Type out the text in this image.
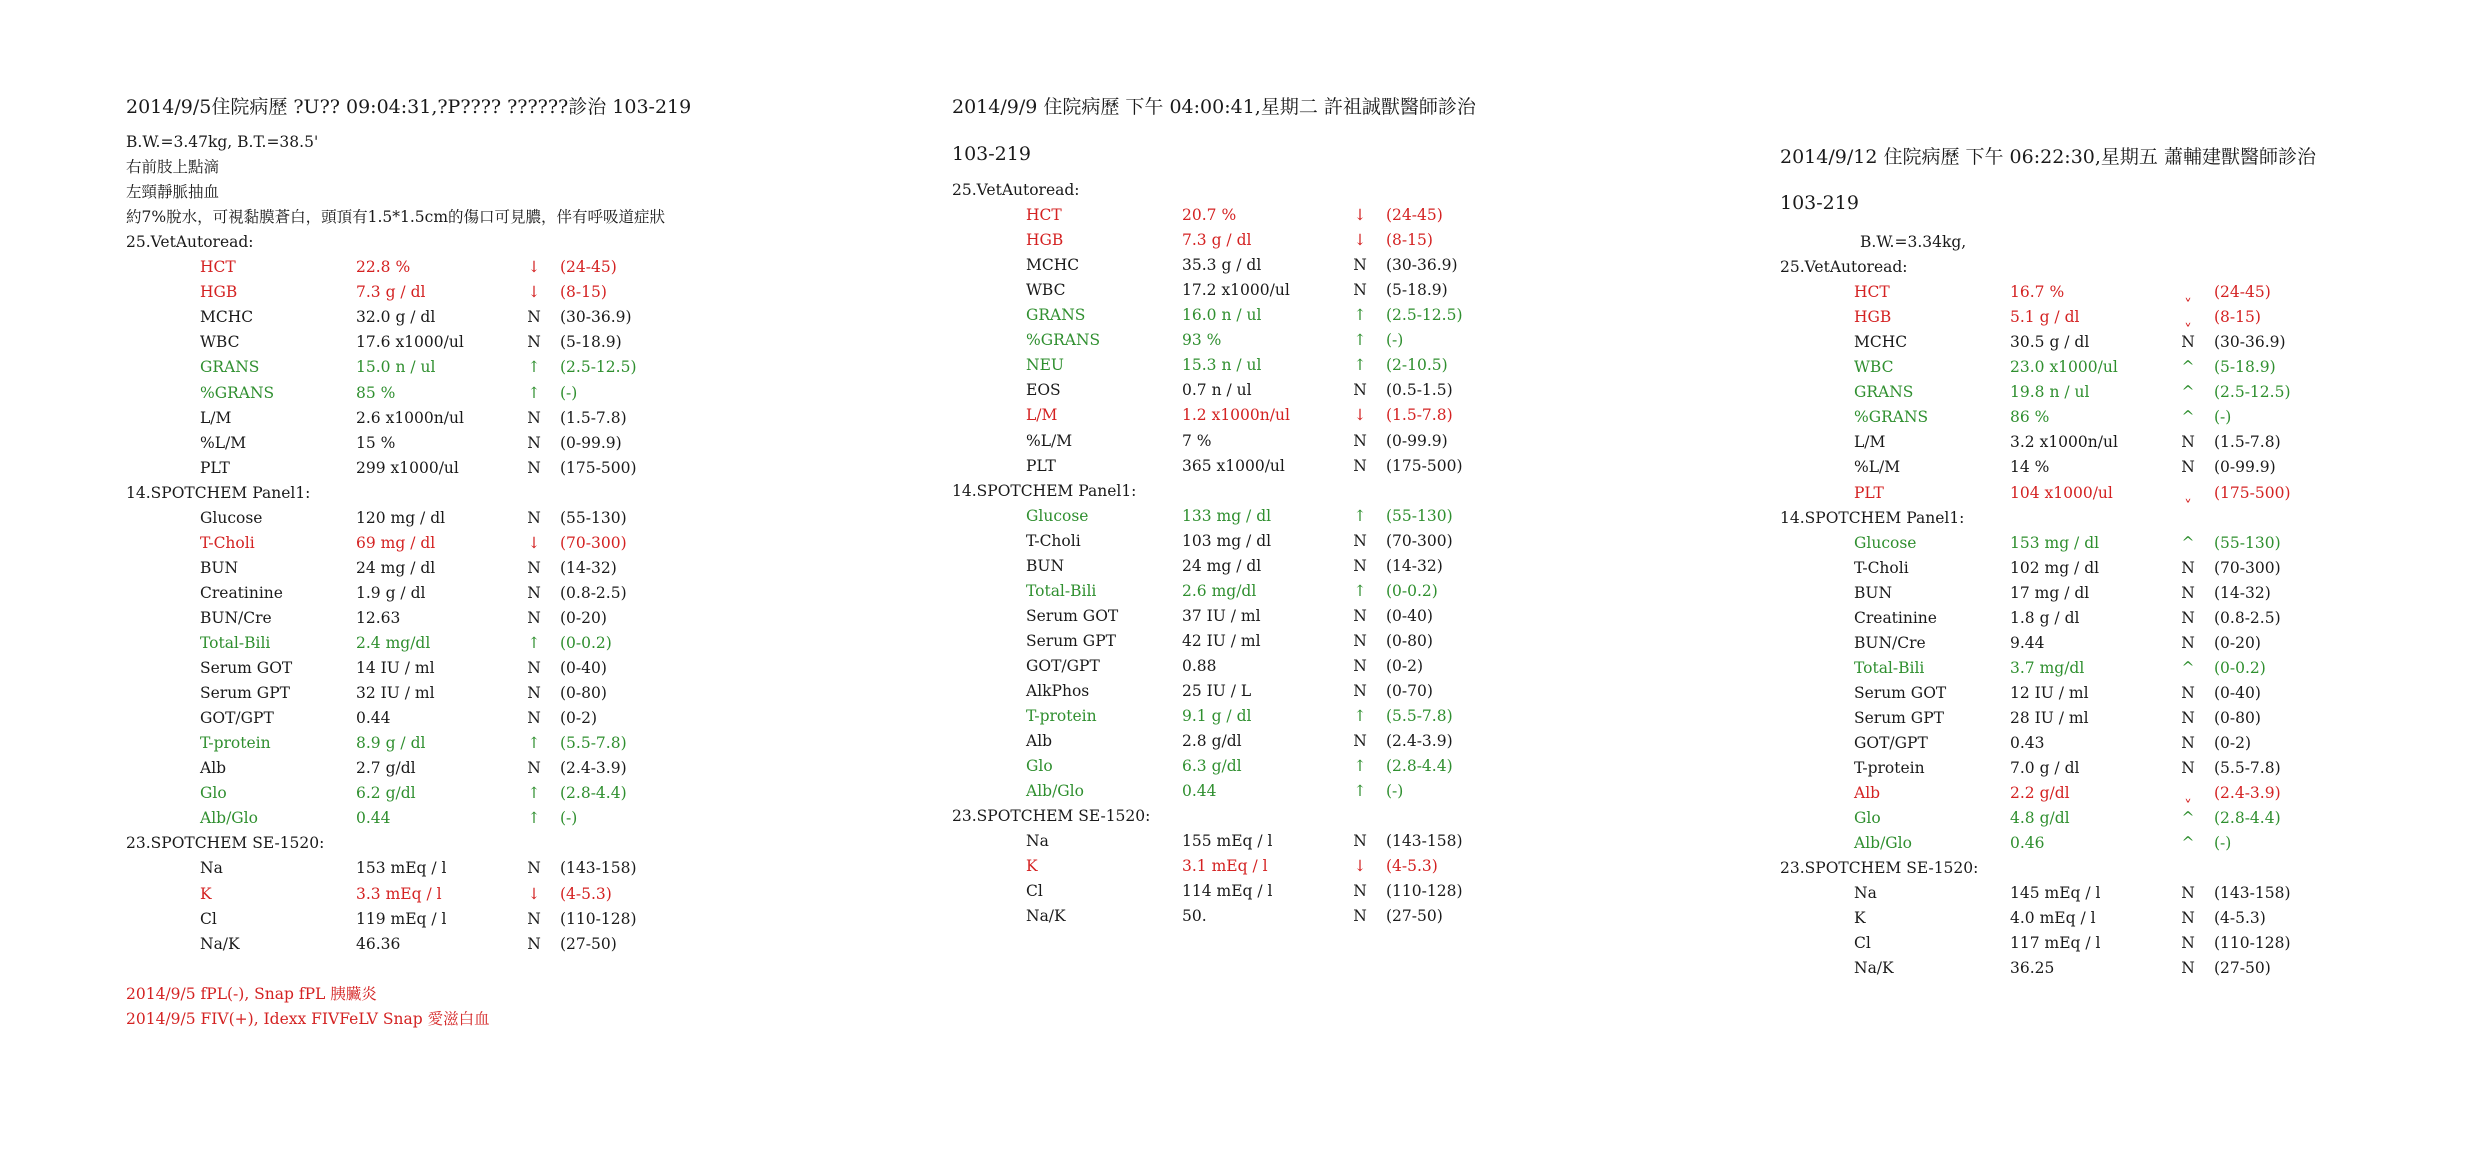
2014/9/5住院病歷 ?U?? 09:04:31,?P???? ??????診治 103-219
B.W.=3.47kg, B.T.=38.5'
右前肢上點滴
左頸靜脈抽血
約7%脫水，可視黏膜蒼白，頭頂有1.5*1.5cm的傷口可見膿，伴有呼吸道症狀
25.VetAutoread:
HCT	22.8 %	↓ (24-45)
HGB	7.3 g / dl	↓ (8-15)
MCHC	32.0 g / dl	N (30-36.9)
WBC	17.6 x1000/ul	N (5-18.9)
GRANS	15.0 n / ul	↑ (2.5-12.5)
%GRANS	85 %	↑ (-)
L/M	2.6 x1000n/ul	N (1.5-7.8)
%L/M	15 %	N (0-99.9)
PLT	299 x1000/ul	N (175-500)
14.SPOTCHEM Panel1:
Glucose	120 mg / dl	N (55-130)
T-Choli	69 mg / dl	↓ (70-300)
BUN	24 mg / dl	N (14-32)
Creatinine	1.9 g / dl	N (0.8-2.5)
BUN/Cre	12.63	N (0-20)
Total-Bili	2.4 mg/dl	↑ (0-0.2)
Serum GOT	14 IU / ml	N (0-40)
Serum GPT	32 IU / ml	N (0-80)
GOT/GPT	0.44	N (0-2)
T-protein	8.9 g / dl	↑ (5.5-7.8)
Alb	2.7 g/dl	N (2.4-3.9)
Glo	6.2 g/dl	↑ (2.8-4.4)
Alb/Glo	0.44	↑ (-)
23.SPOTCHEM SE-1520:
Na	153 mEq / l	N (143-158)
K	3.3 mEq / l	↓ (4-5.3)
Cl	119 mEq / l	N (110-128)
Na/K	46.36	N (27-50)
2014/9/5 fPL(-), Snap fPL 胰臟炎
2014/9/5 FIV(+), Idexx FIVFeLV Snap 愛滋白血
2014/9/9 住院病歷 下午 04:00:41,星期二 許祖誠獸醫師診治
103-219
25.VetAutoread:
HCT	20.7 %	↓ (24-45)
HGB	7.3 g / dl	↓ (8-15)
MCHC	35.3 g / dl	N (30-36.9)
WBC	17.2 x1000/ul	N (5-18.9)
GRANS	16.0 n / ul	↑ (2.5-12.5)
%GRANS	93 %	↑ (-)
NEU	15.3 n / ul	↑ (2-10.5)
EOS	0.7 n / ul	N (0.5-1.5)
L/M	1.2 x1000n/ul	↓ (1.5-7.8)
%L/M	7 %	N (0-99.9)
PLT	365 x1000/ul	N (175-500)
14.SPOTCHEM Panel1:
Glucose	133 mg / dl	↑ (55-130)
T-Choli	103 mg / dl	N (70-300)
BUN	24 mg / dl	N (14-32)
Total-Bili	2.6 mg/dl	↑ (0-0.2)
Serum GOT	37 IU / ml	N (0-40)
Serum GPT	42 IU / ml	N (0-80)
GOT/GPT	0.88	N (0-2)
AlkPhos	25 IU / L	N (0-70)
T-protein	9.1 g / dl	↑ (5.5-7.8)
Alb	2.8 g/dl	N (2.4-3.9)
Glo	6.3 g/dl	↑ (2.8-4.4)
Alb/Glo	0.44	↑ (-)
23.SPOTCHEM SE-1520:
Na	155 mEq / l	N (143-158)
K	3.1 mEq / l	↓ (4-5.3)
Cl	114 mEq / l	N (110-128)
Na/K	50.	N (27-50)
2014/9/12 住院病歷 下午 06:22:30,星期五 蕭輔建獸醫師診治
103-219
B.W.=3.34kg,
25.VetAutoread:
HCT	16.7 %	ˬ	(24-45)
HGB	5.1 g / dl	ˬ	(8-15)
MCHC	30.5 g / dl	N (30-36.9)
WBC	23.0 x1000/ul	^ (5-18.9)
GRANS	19.8 n / ul	^ (2.5-12.5)
%GRANS	86 %	^ (-)
L/M	3.2 x1000n/ul	N (1.5-7.8)
%L/M	14 %	N (0-99.9)
PLT	104 x1000/ul	ˬ	(175-500)
14.SPOTCHEM Panel1:
Glucose	153 mg / dl	^ (55-130)
T-Choli	102 mg / dl	N (70-300)
BUN	17 mg / dl	N (14-32)
Creatinine	1.8 g / dl	N (0.8-2.5)
BUN/Cre	9.44	N (0-20)
Total-Bili	3.7 mg/dl	^ (0-0.2)
Serum GOT	12 IU / ml	N (0-40)
Serum GPT	28 IU / ml	N (0-80)
GOT/GPT	0.43	N (0-2)
T-protein	7.0 g / dl	N (5.5-7.8)
Alb	2.2 g/dl	ˬ	(2.4-3.9)
Glo	4.8 g/dl	^ (2.8-4.4)
Alb/Glo	0.46	^ (-)
23.SPOTCHEM SE-1520:
Na	145 mEq / l	N (143-158)
K	4.0 mEq / l	N (4-5.3)
Cl	117 mEq / l	N (110-128)
Na/K	36.25	N (27-50)
